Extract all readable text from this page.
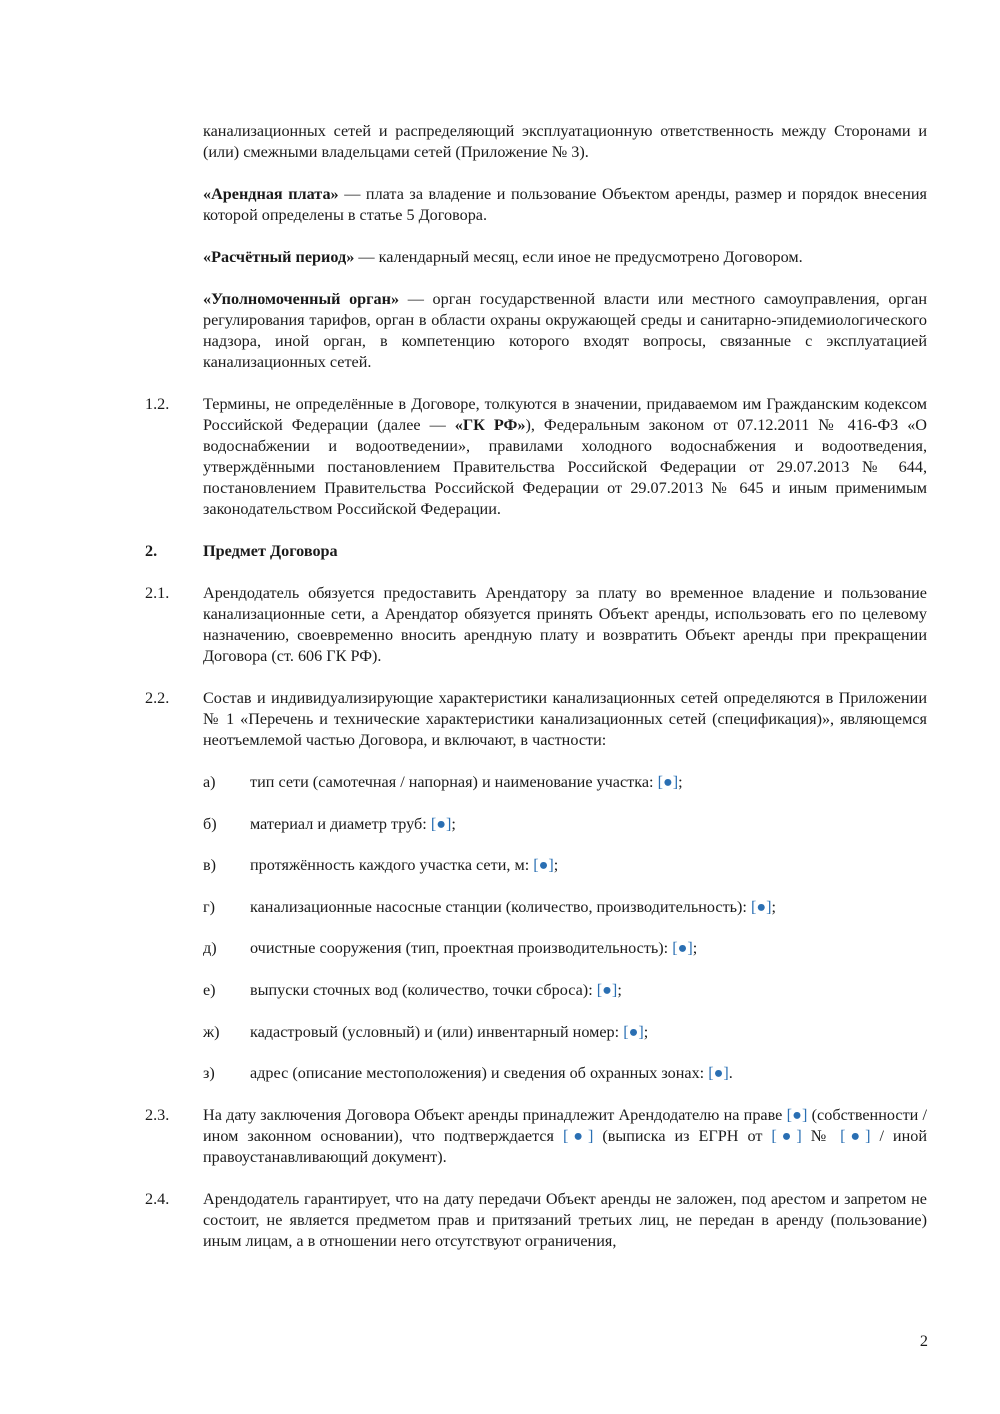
канализационных сетей и распределяющий эксплуатационную ответственность между Сторонами и (или) смежными владельцами сетей (Приложение № 3).
«Арендная плата» — плата за владение и пользование Объектом аренды, размер и порядок внесения которой определены в статье 5 Договора.
«Расчётный период» — календарный месяц, если иное не предусмотрено Договором.
«Уполномоченный орган» — орган государственной власти или местного самоуправления, орган регулирования тарифов, орган в области охраны окружающей среды и санитарно-эпидемиологического надзора, иной орган, в компетенцию которого входят вопросы, связанные с эксплуатацией канализационных сетей.
1.2.	Термины, не определённые в Договоре, толкуются в значении, придаваемом им Гражданским кодексом Российской Федерации (далее — «ГК РФ»), Федеральным законом от 07.12.2011 № 416-ФЗ «О водоснабжении и водоотведении», правилами холодного водоснабжения и водоотведения, утверждёнными постановлением Правительства Российской Федерации от 29.07.2013 № 644, постановлением Правительства Российской Федерации от 29.07.2013 № 645 и иным применимым законодательством Российской Федерации.
2.	Предмет Договора
2.1.	Арендодатель обязуется предоставить Арендатору за плату во временное владение и пользование канализационные сети, а Арендатор обязуется принять Объект аренды, использовать его по целевому назначению, своевременно вносить арендную плату и возвратить Объект аренды при прекращении Договора (ст. 606 ГК РФ).
2.2.	Состав и индивидуализирующие характеристики канализационных сетей определяются в Приложении № 1 «Перечень и технические характеристики канализационных сетей (спецификация)», являющемся неотъемлемой частью Договора, и включают, в частности:
а)	тип сети (самотечная / напорная) и наименование участка: [●];
б)	материал и диаметр труб: [●];
в)	протяжённость каждого участка сети, м: [●];
г)	канализационные насосные станции (количество, производительность): [●];
д)	очистные сооружения (тип, проектная производительность): [●];
е)	выпуски сточных вод (количество, точки сброса): [●];
ж)	кадастровый (условный) и (или) инвентарный номер: [●];
з)	адрес (описание местоположения) и сведения об охранных зонах: [●].
2.3.	На дату заключения Договора Объект аренды принадлежит Арендодателю на праве [●] (собственности / ином законном основании), что подтверждается [●] (выписка из ЕГРН от [●] № [●] / иной правоустанавливающий документ).
2.4.	Арендодатель гарантирует, что на дату передачи Объект аренды не заложен, под арестом и запретом не состоит, не является предметом прав и притязаний третьих лиц, не передан в аренду (пользование) иным лицам, а в отношении него отсутствуют ограничения,
2
